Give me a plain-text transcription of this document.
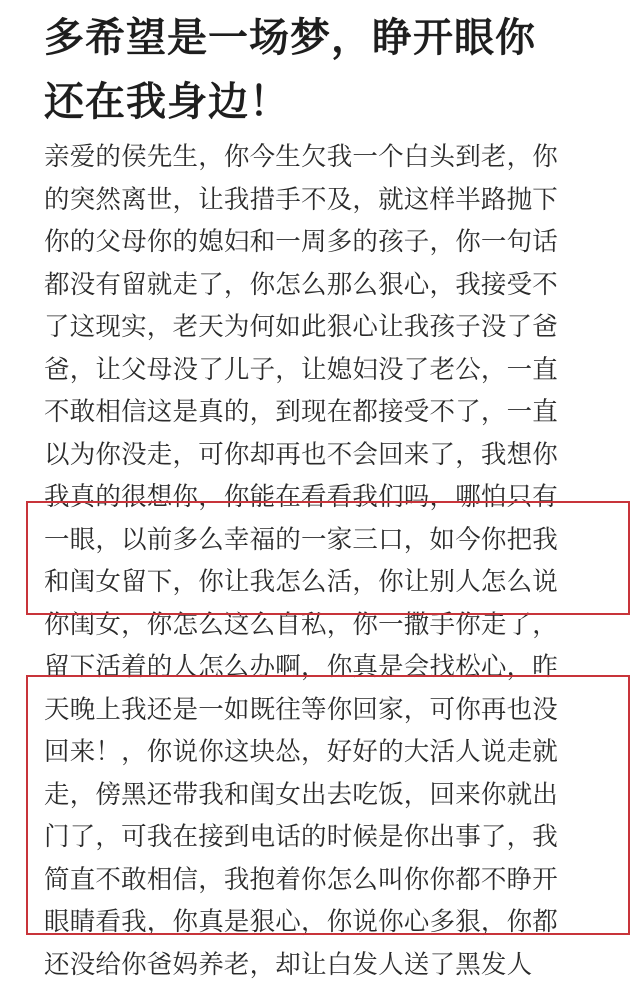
多希望是一场梦，睁开眼你
还在我身边！
亲爱的侯先生，你今生欠我一个白头到老，你
的突然离世，让我措手不及，就这样半路抛下
你的父母你的媳妇和一周多的孩子，你一句话
都没有留就走了，你怎么那么狠心，我接受不
了这现实，老天为何如此狠心让我孩子没了爸
爸，让父母没了儿子，让媳妇没了老公，一直
不敢相信这是真的，到现在都接受不了，一直
以为你没走，可你却再也不会回来了，我想你
我真的很想你，你能在看看我们吗，哪怕只有
一眼，以前多么幸福的一家三口，如今你把我
和闺女留下，你让我怎么活，你让别人怎么说
你闺女，你怎么这么自私，你一撒手你走了，
留下活着的人怎么办啊，你真是会找松心，昨
天晚上我还是一如既往等你回家，可你再也没
回来！，你说你这块怂，好好的大活人说走就
走，傍黑还带我和闺女出去吃饭，回来你就出
门了，可我在接到电话的时候是你出事了，我
简直不敢相信，我抱着你怎么叫你你都不睁开
眼睛看我，你真是狠心，你说你心多狠，你都
还没给你爸妈养老，却让白发人送了黑发人
